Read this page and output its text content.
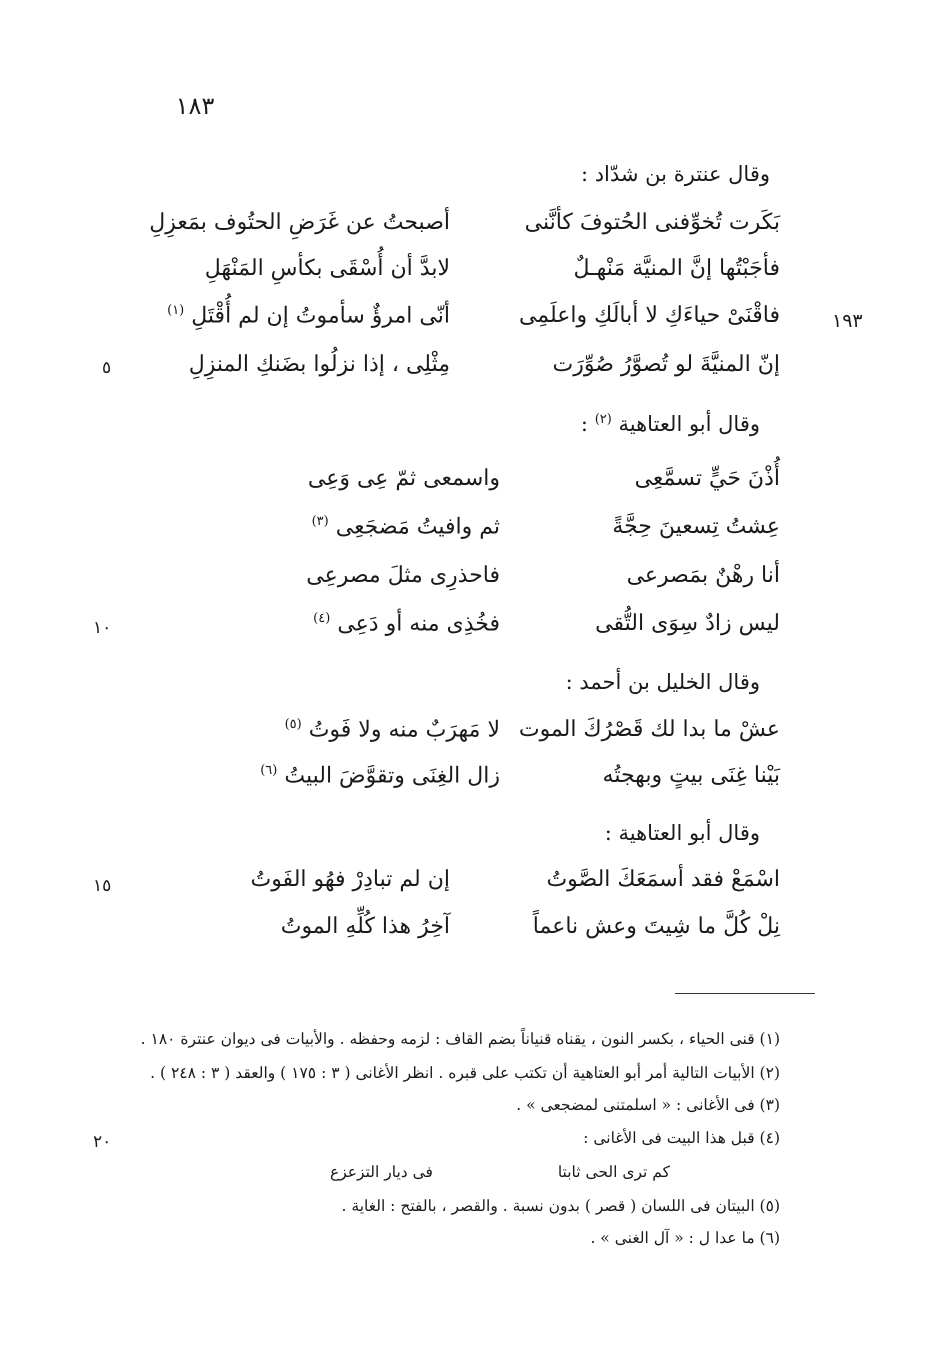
١٨٣
وقال عنترة بن شدّاد :
بَكَرت تُخوِّفنى الحُتوفَ كأنَّنى
أصبحتُ عن غَرَضِ الحتُوف بمَعزِلِ
فأجَبْتُها إنَّ المنيَّة مَنْهـلٌ
لابدَّ أن أُسْقَى بكأسِ المَنْهَلِ
فاقْنَىْ حياءَكِ لا أبالَكِ واعلَمِى
أنّى امرؤٌ سأموتُ إن لم أُقْتَلِ $^{(١)}$
إنّ المنيَّةَ لو تُصوَّرُ صُوِّرَت
مِثْلِى ، إذا نزلُوا بضَنكِ المنزِلِ
وقال أبو العتاهية $^{(٢)}$ :
أُذْنَ حَيٍّ تسمَّعِى
واسمعى ثمّ عِى وَعِى
عِشتُ تِسعينَ حِجَّةً
ثم وافيتُ مَضجَعِى $^{(٣)}$
أنا رهْنٌ بمَصرعى
فاحذرِى مثلَ مصرعِى
ليس زادٌ سِوَى التُّقى
فخُذِى منه أو دَعِى $^{(٤)}$
وقال الخليل بن أحمد :
عشْ ما بدا لك قَصْرُكَ الموت
لا مَهرَبٌ منه ولا فَوتُ $^{(٥)}$
بَيْنا غِنَى بيتٍ وبهجتُه
زال الغِنَى وتقوَّضَ البيتُ $^{(٦)}$
وقال أبو العتاهية :
اسْمَعْ فقد أسمَعَكَ الصَّوتُ
إن لم تبادِرْ فهُو الفَوتُ
نِلْ كُلَّ ما شِيتَ وعش ناعماً
آخِرُ هذا كُلِّهِ الموتُ
١٩٣
٥
١٠
١٥
٢٠
(١) قنى الحياء ، بكسر النون ، يقناه قنياناً بضم القاف : لزمه وحفظه . والأبيات فى ديوان عنترة ١٨٠ .
(٢) الأبيات التالية أمر أبو العتاهية أن تكتب على قبره . انظر الأغانى ( ٣ : ١٧٥ ) والعقد ( ٣ : ٢٤٨ ) .
(٣) فى الأغانى : « اسلمتنى لمضجعى » .
(٤) قبل هذا البيت فى الأغانى :
كم ترى الحى ثابتا
فى ديار التزعزع
(٥) البيتان فى اللسان ( قصر ) بدون نسبة . والقصر ، بالفتح : الغاية .
(٦) ما عدا ل : « آل الغنى » .
